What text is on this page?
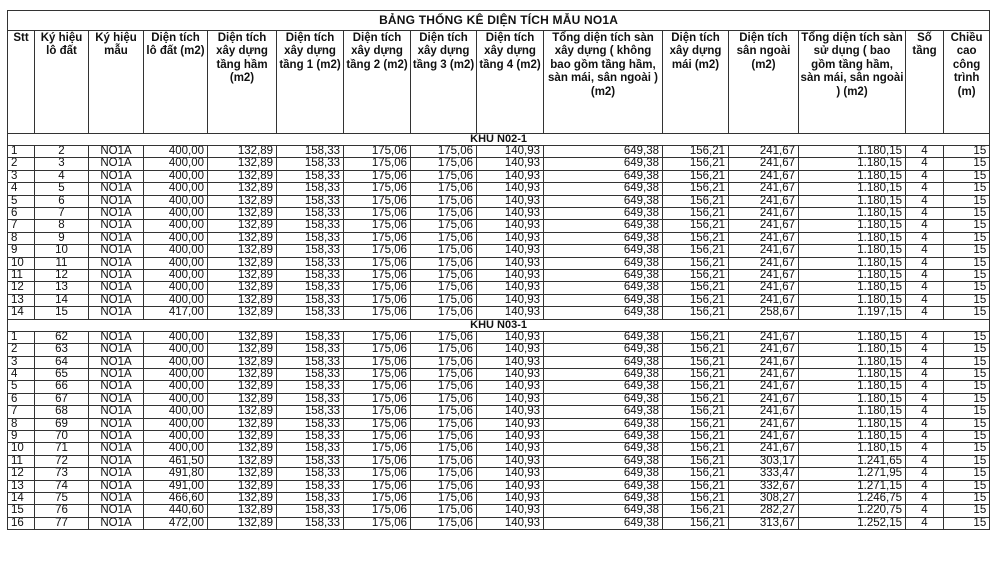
BẢNG THỐNG KÊ DIỆN TÍCH MẪU NO1A														
Stt	Ký hiệu lô đất	Ký hiệu mẫu	Diện tích lô đất (m2)	Diện tích xây dựng tầng hầm (m2)	Diện tích xây dựng tầng 1 (m2)	Diện tích xây dựng tầng 2 (m2)	Diện tích xây dựng tầng 3 (m2)	Diện tích xây dựng tầng 4 (m2)	Tổng diện tích sàn xây dựng ( không bao gồm tầng hầm, sàn mái, sân ngoài ) (m2)	Diện tích xây dựng mái (m2)	Diện tích sân ngoài (m2)	Tổng diện tích sàn sử dụng ( bao gồm tầng hầm, sàn mái, sân ngoài ) (m2)	Số tầng	Chiều cao công trình (m)
KHU N02-1														
1	2	NO1A	400,00	132,89	158,33	175,06	175,06	140,93	649,38	156,21	241,67	1.180,15	4	15
2	3	NO1A	400,00	132,89	158,33	175,06	175,06	140,93	649,38	156,21	241,67	1.180,15	4	15
3	4	NO1A	400,00	132,89	158,33	175,06	175,06	140,93	649,38	156,21	241,67	1.180,15	4	15
4	5	NO1A	400,00	132,89	158,33	175,06	175,06	140,93	649,38	156,21	241,67	1.180,15	4	15
5	6	NO1A	400,00	132,89	158,33	175,06	175,06	140,93	649,38	156,21	241,67	1.180,15	4	15
6	7	NO1A	400,00	132,89	158,33	175,06	175,06	140,93	649,38	156,21	241,67	1.180,15	4	15
7	8	NO1A	400,00	132,89	158,33	175,06	175,06	140,93	649,38	156,21	241,67	1.180,15	4	15
8	9	NO1A	400,00	132,89	158,33	175,06	175,06	140,93	649,38	156,21	241,67	1.180,15	4	15
9	10	NO1A	400,00	132,89	158,33	175,06	175,06	140,93	649,38	156,21	241,67	1.180,15	4	15
10	11	NO1A	400,00	132,89	158,33	175,06	175,06	140,93	649,38	156,21	241,67	1.180,15	4	15
11	12	NO1A	400,00	132,89	158,33	175,06	175,06	140,93	649,38	156,21	241,67	1.180,15	4	15
12	13	NO1A	400,00	132,89	158,33	175,06	175,06	140,93	649,38	156,21	241,67	1.180,15	4	15
13	14	NO1A	400,00	132,89	158,33	175,06	175,06	140,93	649,38	156,21	241,67	1.180,15	4	15
14	15	NO1A	417,00	132,89	158,33	175,06	175,06	140,93	649,38	156,21	258,67	1.197,15	4	15
KHU N03-1														
1	62	NO1A	400,00	132,89	158,33	175,06	175,06	140,93	649,38	156,21	241,67	1.180,15	4	15
2	63	NO1A	400,00	132,89	158,33	175,06	175,06	140,93	649,38	156,21	241,67	1.180,15	4	15
3	64	NO1A	400,00	132,89	158,33	175,06	175,06	140,93	649,38	156,21	241,67	1.180,15	4	15
4	65	NO1A	400,00	132,89	158,33	175,06	175,06	140,93	649,38	156,21	241,67	1.180,15	4	15
5	66	NO1A	400,00	132,89	158,33	175,06	175,06	140,93	649,38	156,21	241,67	1.180,15	4	15
6	67	NO1A	400,00	132,89	158,33	175,06	175,06	140,93	649,38	156,21	241,67	1.180,15	4	15
7	68	NO1A	400,00	132,89	158,33	175,06	175,06	140,93	649,38	156,21	241,67	1.180,15	4	15
8	69	NO1A	400,00	132,89	158,33	175,06	175,06	140,93	649,38	156,21	241,67	1.180,15	4	15
9	70	NO1A	400,00	132,89	158,33	175,06	175,06	140,93	649,38	156,21	241,67	1.180,15	4	15
10	71	NO1A	400,00	132,89	158,33	175,06	175,06	140,93	649,38	156,21	241,67	1.180,15	4	15
11	72	NO1A	461,50	132,89	158,33	175,06	175,06	140,93	649,38	156,21	303,17	1.241,65	4	15
12	73	NO1A	491,80	132,89	158,33	175,06	175,06	140,93	649,38	156,21	333,47	1.271,95	4	15
13	74	NO1A	491,00	132,89	158,33	175,06	175,06	140,93	649,38	156,21	332,67	1.271,15	4	15
14	75	NO1A	466,60	132,89	158,33	175,06	175,06	140,93	649,38	156,21	308,27	1.246,75	4	15
15	76	NO1A	440,60	132,89	158,33	175,06	175,06	140,93	649,38	156,21	282,27	1.220,75	4	15
16	77	NO1A	472,00	132,89	158,33	175,06	175,06	140,93	649,38	156,21	313,67	1.252,15	4	15
